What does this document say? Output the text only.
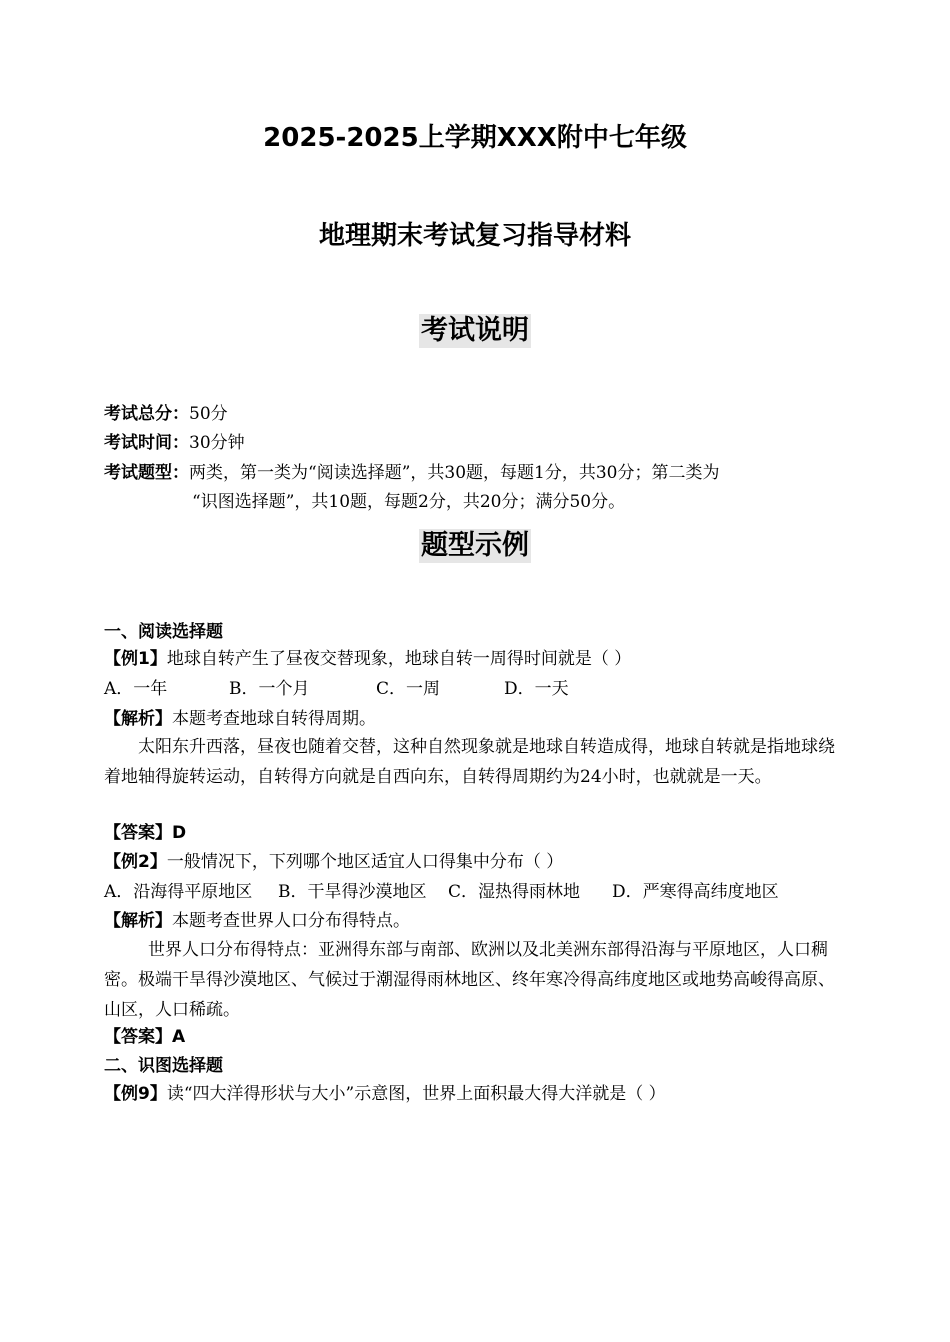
2025-2025上学期XXX附中七年级
地理期末考试复习指导材料
考试说明
考试总分：50分
考试时间：30分钟
考试题型：两类，第一类为“阅读选择题”，共30题，每题1分，共30分；第二类为
“识图选择题”，共10题，每题2分，共20分；满分50分。
题型示例
一、阅读选择题
【例1】地球自转产生了昼夜交替现象，地球自转一周得时间就是（ ）
A．一年	B．一个月	C．一周	D．一天
【解析】本题考查地球自转得周期。
太阳东升西落，昼夜也随着交替，这种自然现象就是地球自转造成得，地球自转就是指地球绕着地轴得旋转运动，自转得方向就是自西向东，自转得周期约为24小时，也就就是一天。
【答案】D
【例2】一般情况下，下列哪个地区适宜人口得集中分布（ ）
A．沿海得平原地区 B．干旱得沙漠地区 C．湿热得雨林地 D．严寒得高纬度地区
【解析】本题考查世界人口分布得特点。
世界人口分布得特点：亚洲得东部与南部、欧洲以及北美洲东部得沿海与平原地区，人口稠密。极端干旱得沙漠地区、气候过于潮湿得雨林地区、终年寒冷得高纬度地区或地势高峻得高原、山区，人口稀疏。
【答案】A
二、识图选择题
【例9】读“四大洋得形状与大小”示意图，世界上面积最大得大洋就是（ ）
